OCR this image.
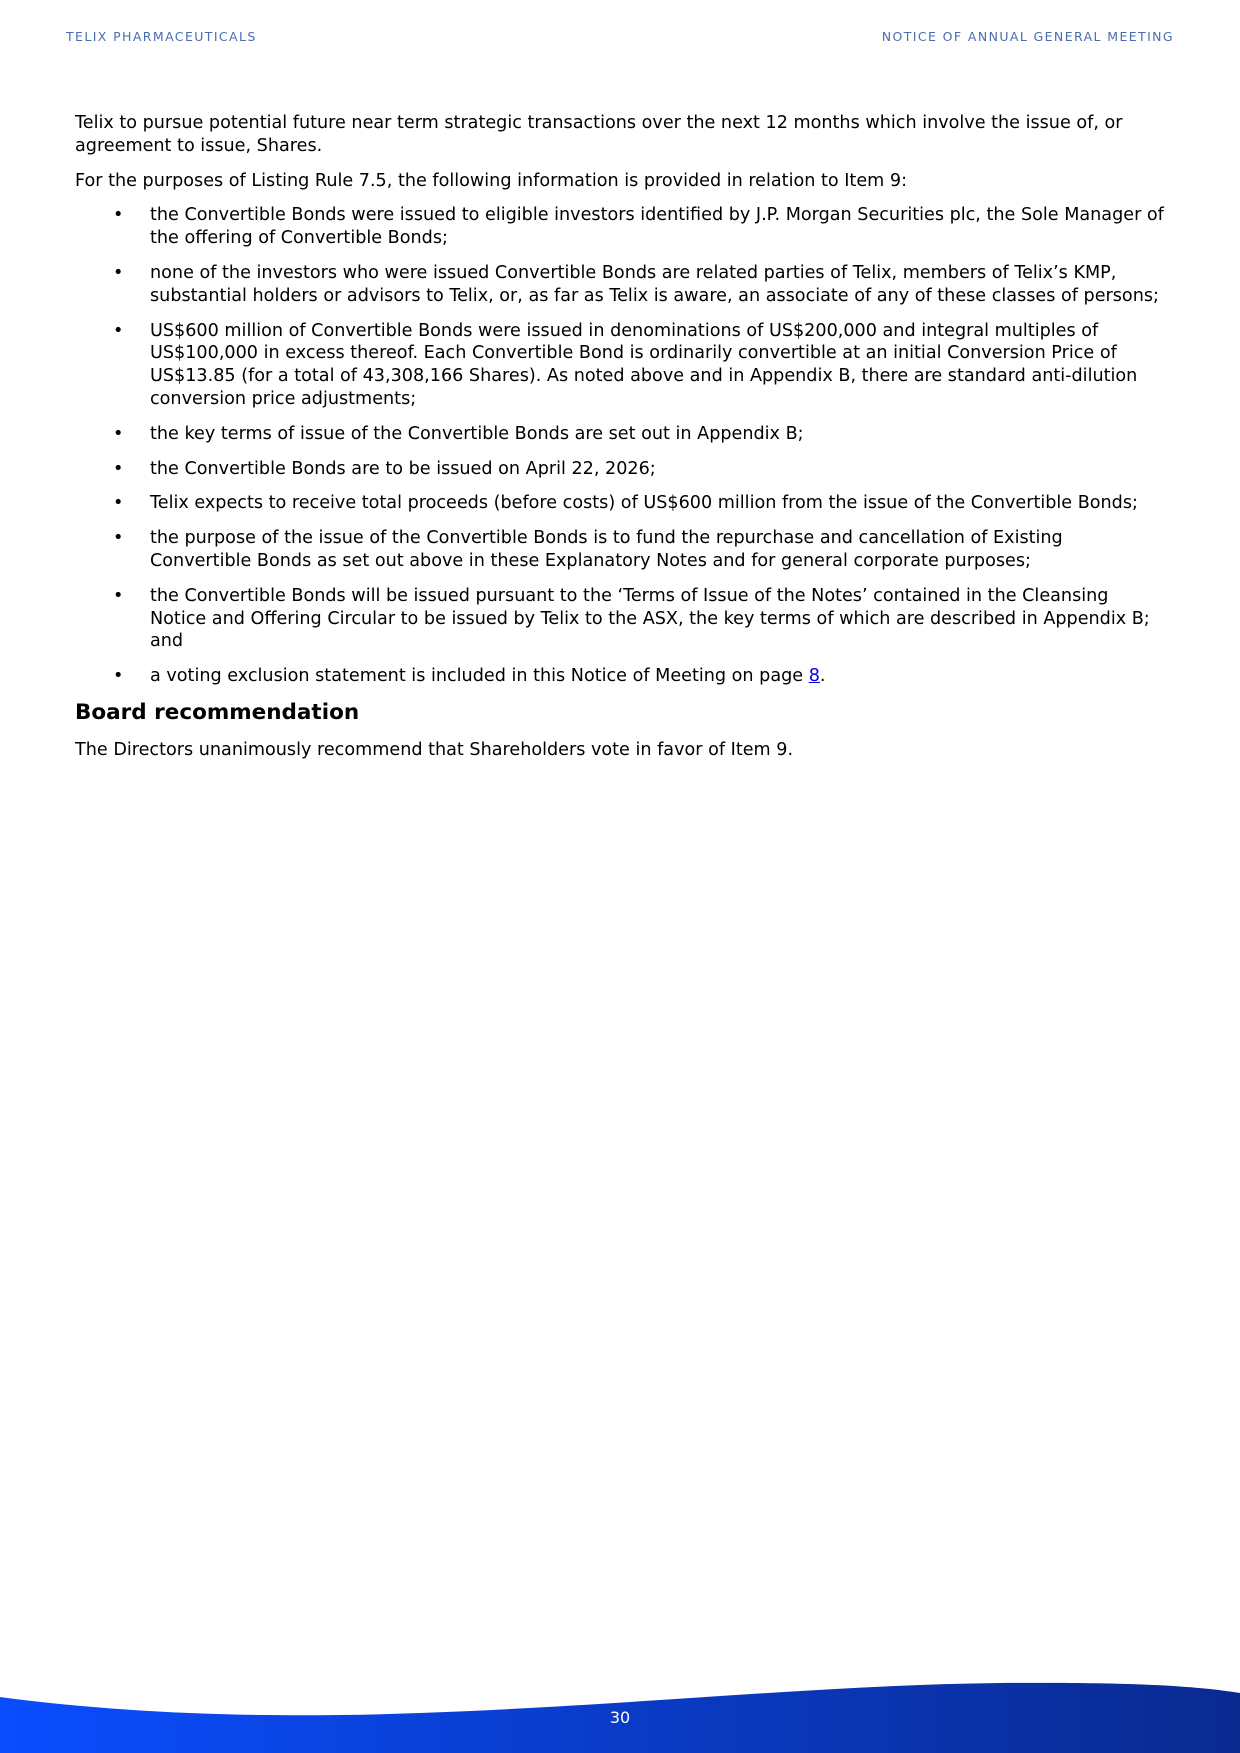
TELIX PHARMACEUTICALS	NOTICE OF ANNUAL GENERAL MEETING

Telix to pursue potential future near term strategic transactions over the next 12 months which involve the issue of, or agreement to issue, Shares.

For the purposes of Listing Rule 7.5, the following information is provided in relation to Item 9:

• the Convertible Bonds were issued to eligible investors identified by J.P. Morgan Securities plc, the Sole Manager of the offering of Convertible Bonds;
• none of the investors who were issued Convertible Bonds are related parties of Telix, members of Telix’s KMP, substantial holders or advisors to Telix, or, as far as Telix is aware, an associate of any of these classes of persons;
• US$600 million of Convertible Bonds were issued in denominations of US$200,000 and integral multiples of US$100,000 in excess thereof. Each Convertible Bond is ordinarily convertible at an initial Conversion Price of US$13.85 (for a total of 43,308,166 Shares). As noted above and in Appendix B, there are standard anti-dilution conversion price adjustments;
• the key terms of issue of the Convertible Bonds are set out in Appendix B;
• the Convertible Bonds are to be issued on April 22, 2026;
• Telix expects to receive total proceeds (before costs) of US$600 million from the issue of the Convertible Bonds;
• the purpose of the issue of the Convertible Bonds is to fund the repurchase and cancellation of Existing Convertible Bonds as set out above in these Explanatory Notes and for general corporate purposes;
• the Convertible Bonds will be issued pursuant to the ‘Terms of Issue of the Notes’ contained in the Cleansing Notice and Offering Circular to be issued by Telix to the ASX, the key terms of which are described in Appendix B; and
• a voting exclusion statement is included in this Notice of Meeting on page 8.
Board recommendation

The Directors unanimously recommend that Shareholders vote in favor of Item 9.

30
